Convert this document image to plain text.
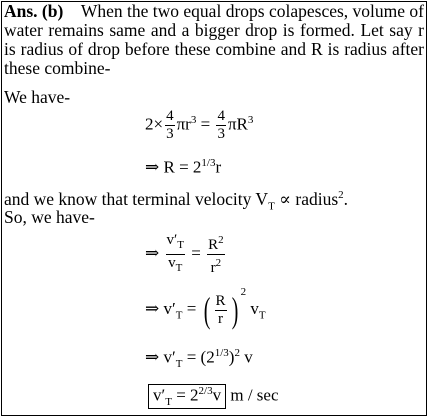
Ans. (b) When the two equal drops colapesces, volume of water remains same and a bigger drop is formed. Let say r is radius of drop before these combine and R is radius after these combine-
We have-
$2\times \frac{4}{3} \pi r^3 = \frac{4}{3} \pi R^3$
⇒ $R = 2^{1/3}r$
and we know that terminal velocity $V_T$ ∝ radius$^2$.
So, we have-
⇒ $\frac{v'_T}{v_T} = \frac{R^2}{r^2}$
⇒ $v'_T$ = ( $\frac{R}{r}$ ) $^2$ $v_T$
⇒ $v'_T = (2^{1/3})^2$ v
$v'_T = 2^{2/3}v$ m / sec
